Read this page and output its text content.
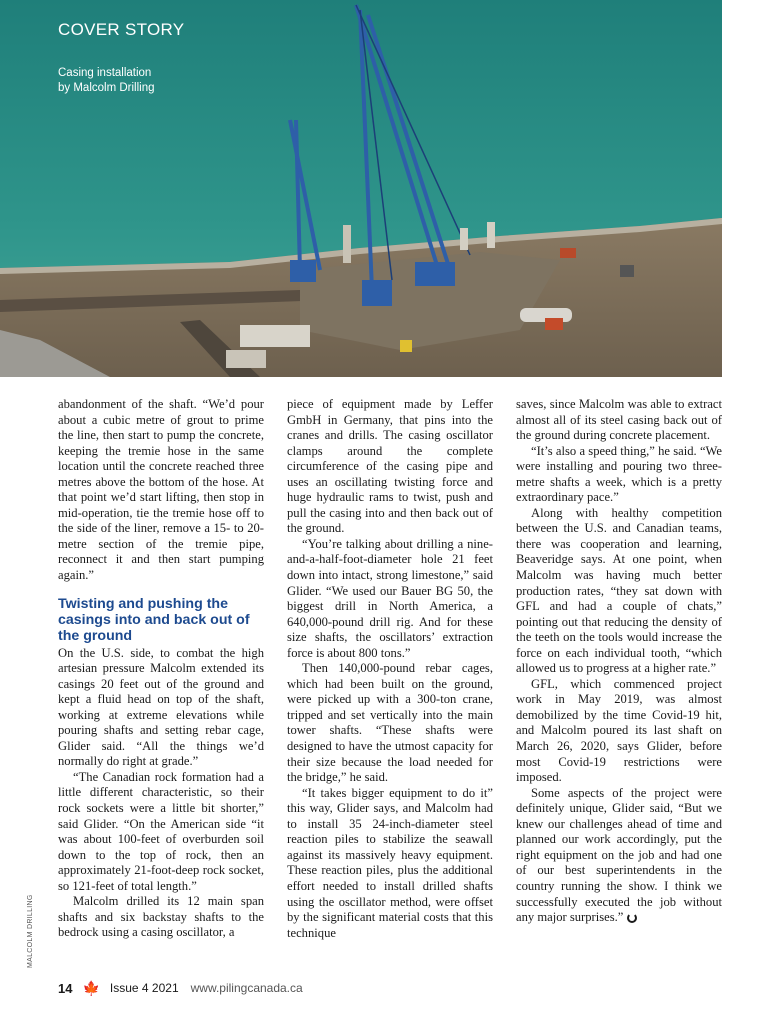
COVER STORY
Casing installation
by Malcolm Drilling

abandonment of the shaft. “We’d pour about a cubic metre of grout to prime the line, then start to pump the concrete, keeping the tremie hose in the same location until the concrete reached three metres above the bottom of the hose. At that point we’d start lifting, then stop in mid-operation, tie the tremie hose off to the side of the liner, remove a 15- to 20-metre section of the tremie pipe, reconnect it and then start pumping again.”

Twisting and pushing the casings into and back out of the ground

On the U.S. side, to combat the high artesian pressure Malcolm extended its casings 20 feet out of the ground and kept a fluid head on top of the shaft, working at extreme elevations while pouring shafts and setting rebar cage, Glider said. “All the things we’d normally do right at grade.”

“The Canadian rock formation had a little different characteristic, so their rock sockets were a little bit shorter,” said Glider. “On the American side “it was about 100-feet of overburden soil down to the top of rock, then an approximately 21-foot-deep rock socket, so 121-feet of total length.”

Malcolm drilled its 12 main span shafts and six backstay shafts to the bedrock using a casing oscillator, a

piece of equipment made by Leffer GmbH in Germany, that pins into the cranes and drills. The casing oscillator clamps around the complete circumference of the casing pipe and uses an oscillating twisting force and huge hydraulic rams to twist, push and pull the casing into and then back out of the ground.

“You’re talking about drilling a nine-and-a-half-foot-diameter hole 21 feet down into intact, strong limestone,” said Glider. “We used our Bauer BG 50, the biggest drill in North America, a 640,000-pound drill rig. And for these size shafts, the oscillators’ extraction force is about 800 tons.”

Then 140,000-pound rebar cages, which had been built on the ground, were picked up with a 300-ton crane, tripped and set vertically into the main tower shafts. “These shafts were designed to have the utmost capacity for their size because the load needed for the bridge,” he said.

“It takes bigger equipment to do it” this way, Glider says, and Malcolm had to install 35 24-inch-diameter steel reaction piles to stabilize the seawall against its massively heavy equipment. These reaction piles, plus the additional effort needed to install drilled shafts using the oscillator method, were offset by the significant material costs that this technique

saves, since Malcolm was able to extract almost all of its steel casing back out of the ground during concrete placement.

“It’s also a speed thing,” he said. “We were installing and pouring two three-metre shafts a week, which is a pretty extraordinary pace.”

Along with healthy competition between the U.S. and Canadian teams, there was cooperation and learning, Beaveridge says. At one point, when Malcolm was having much better production rates, “they sat down with GFL and had a couple of chats,” pointing out that reducing the density of the teeth on the tools would increase the force on each individual tooth, “which allowed us to progress at a higher rate.”

GFL, which commenced project work in May 2019, was almost demobilized by the time Covid-19 hit, and Malcolm poured its last shaft on March 26, 2020, says Glider, before most Covid-19 restrictions were imposed.

Some aspects of the project were definitely unique, Glider said, “But we knew our challenges ahead of time and planned our work accordingly, put the right equipment on the job and had one of our best superintendents in the country running the show. I think we successfully executed the job without any major surprises.”

MALCOLM DRILLING
14 🍁 Issue 4 2021 www.pilingcanada.ca
